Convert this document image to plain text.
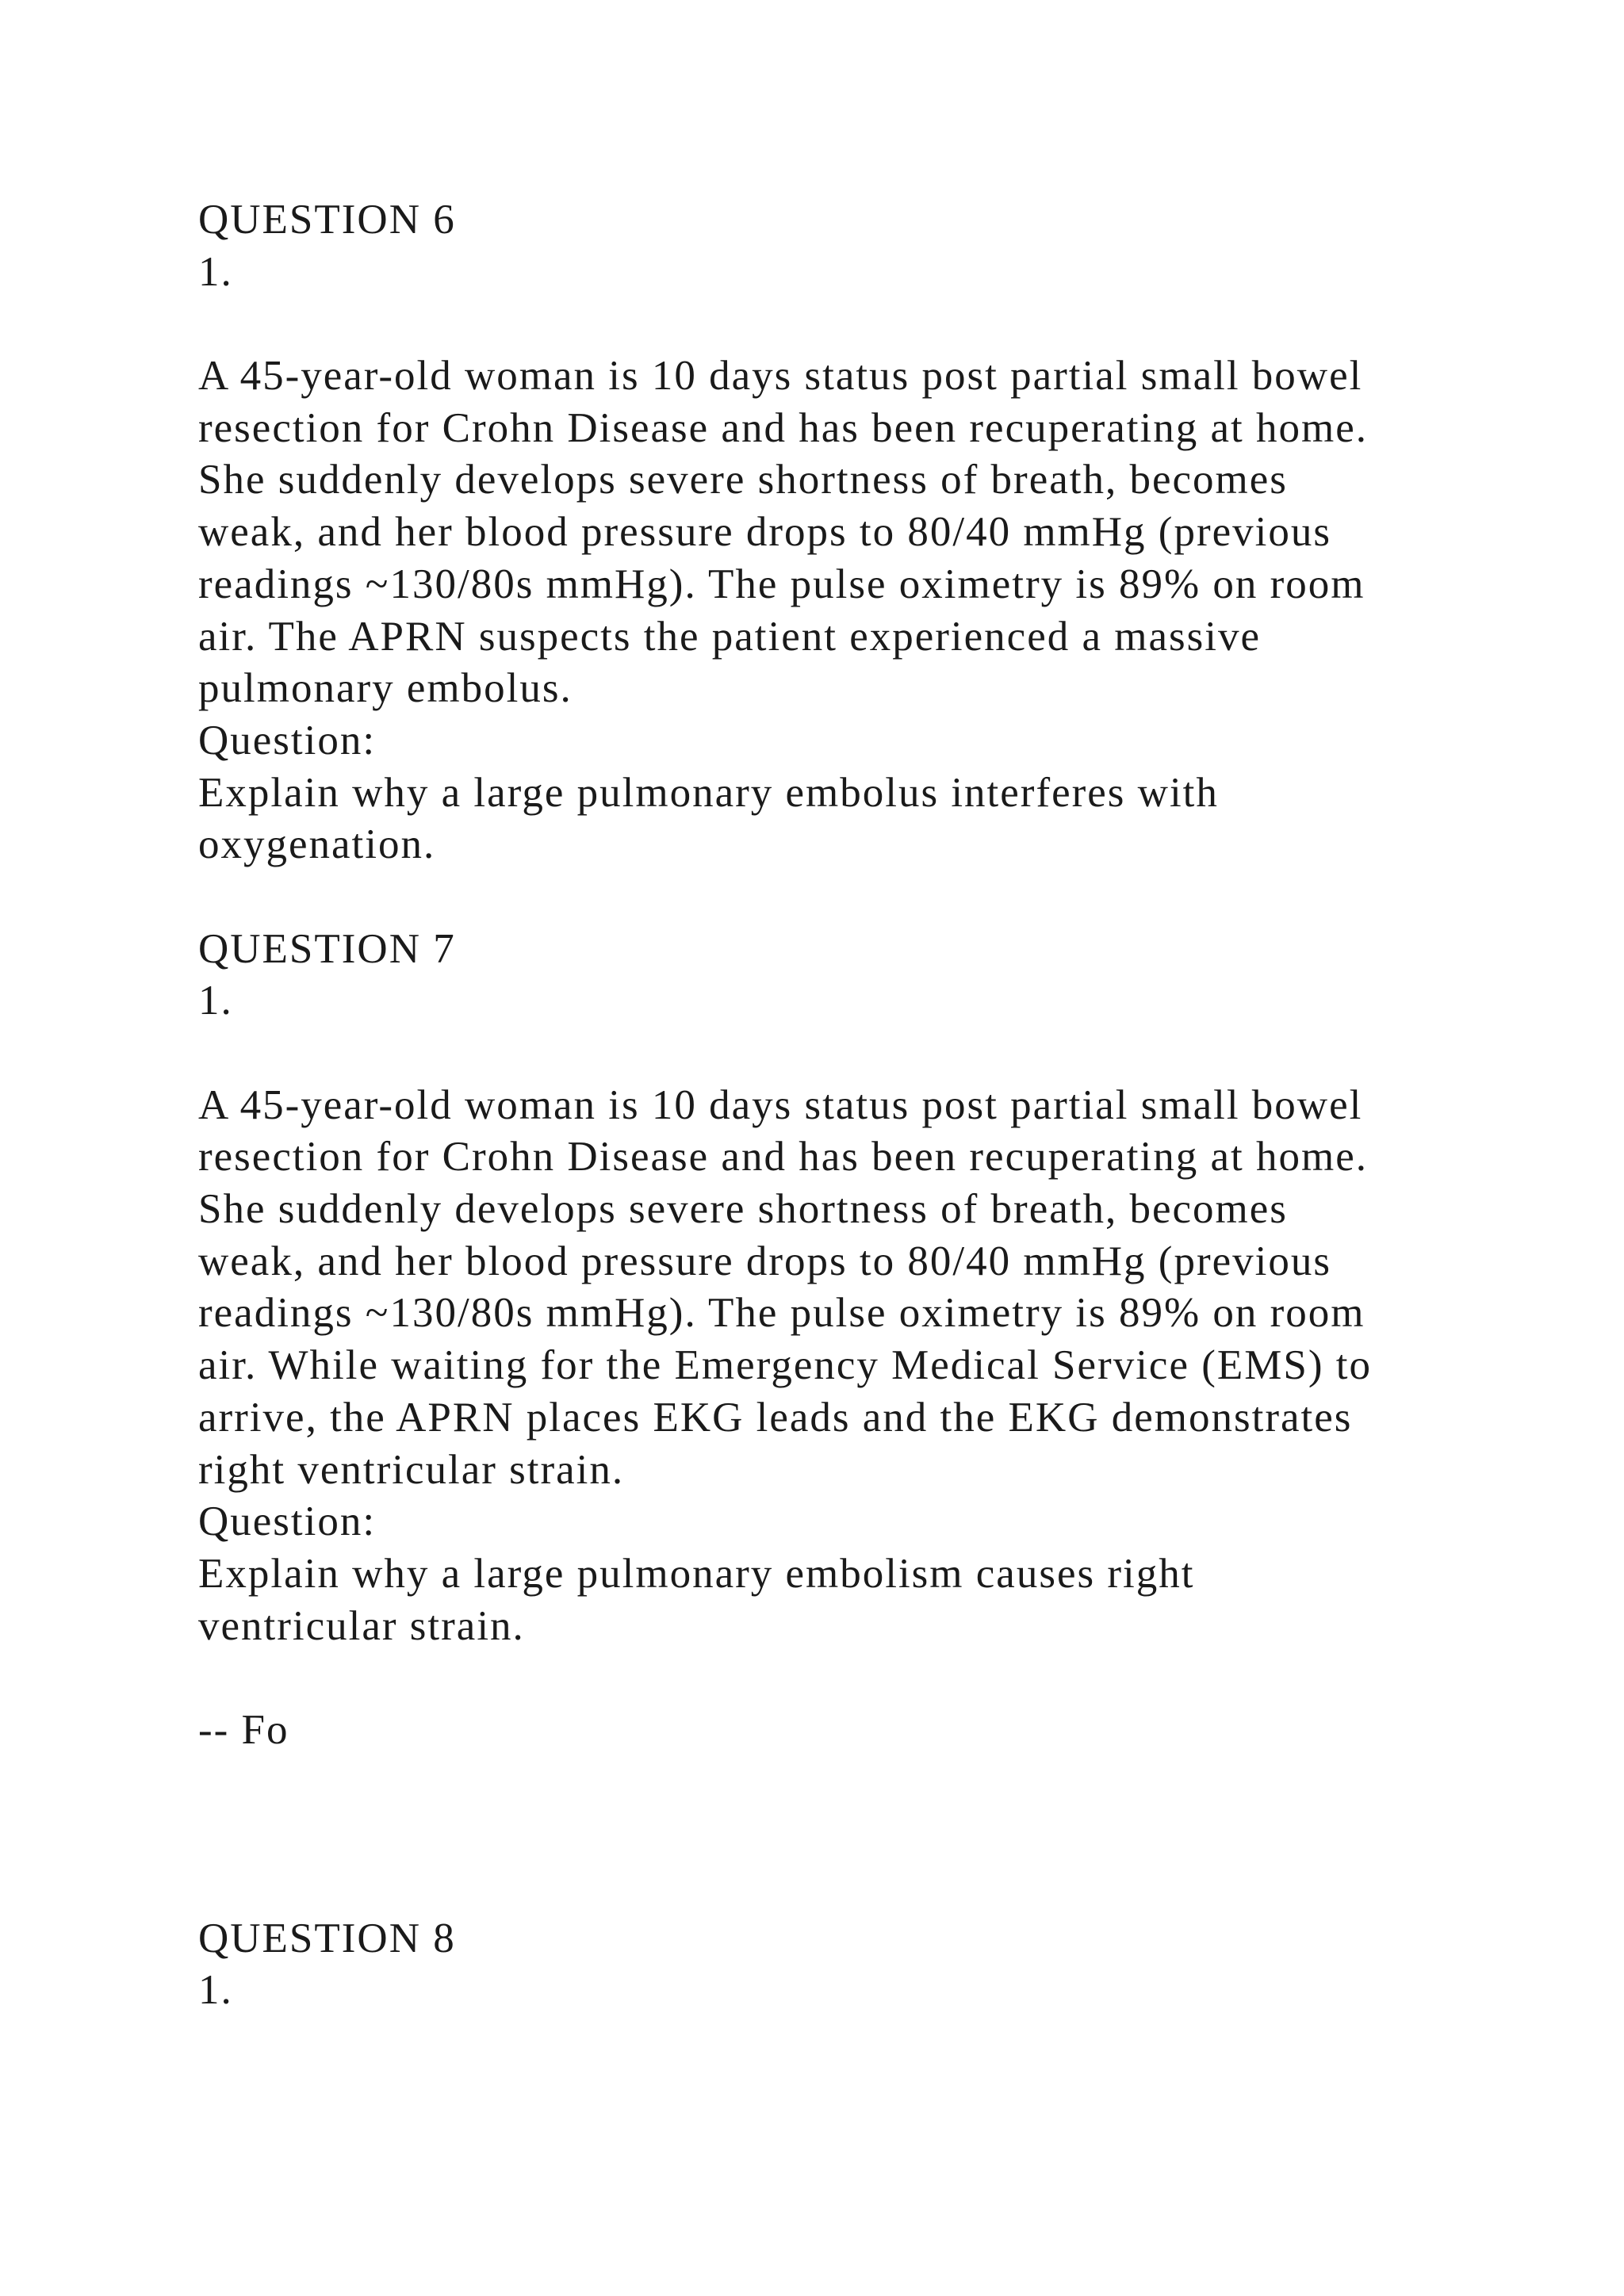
QUESTION 6
1.
A 45-year-old woman is 10 days status post partial small bowel
resection for Crohn Disease and has been recuperating at home.
She suddenly develops severe shortness of breath, becomes
weak, and her blood pressure drops to 80/40 mmHg (previous
readings ~130/80s mmHg). The pulse oximetry is 89% on room
air. The APRN suspects the patient experienced a massive
pulmonary embolus.
Question:
Explain why a large pulmonary embolus interferes with
oxygenation.
QUESTION 7
1.
A 45-year-old woman is 10 days status post partial small bowel
resection for Crohn Disease and has been recuperating at home.
She suddenly develops severe shortness of breath, becomes
weak, and her blood pressure drops to 80/40 mmHg (previous
readings ~130/80s mmHg). The pulse oximetry is 89% on room
air. While waiting for the Emergency Medical Service (EMS) to
arrive, the APRN places EKG leads and the EKG demonstrates
right ventricular strain.
Question:
Explain why a large pulmonary embolism causes right
ventricular strain.
-- Fo
QUESTION 8
1.
